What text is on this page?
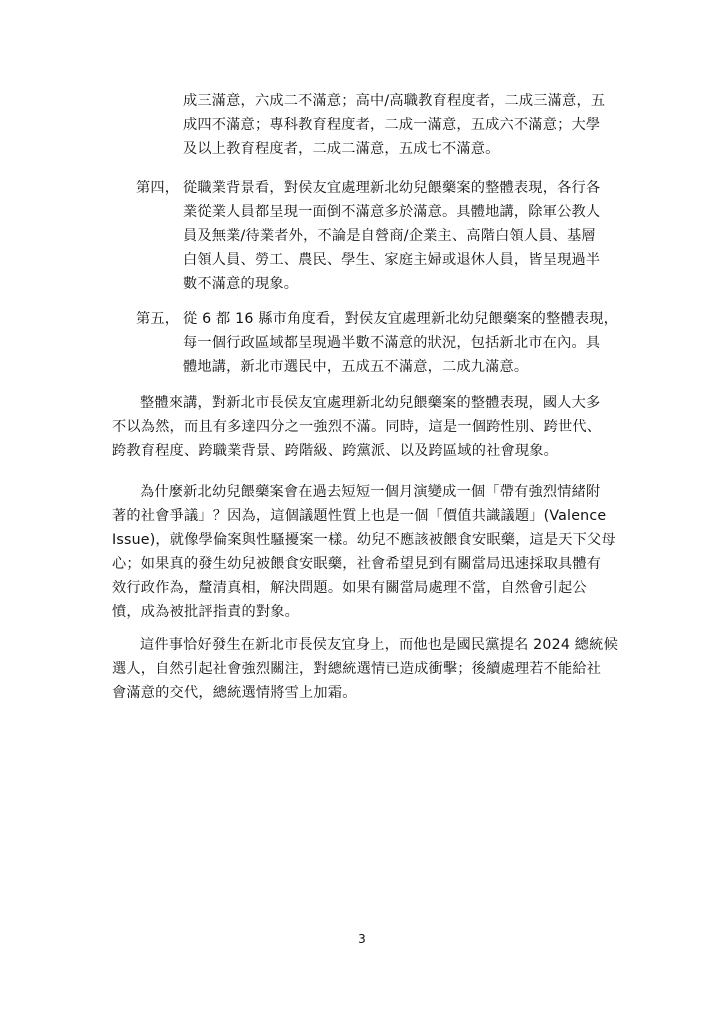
成三滿意，六成二不滿意；高中/高職教育程度者，二成三滿意，五
成四不滿意；專科教育程度者，二成一滿意，五成六不滿意；大學
及以上教育程度者，二成二滿意，五成七不滿意。
第四， 從職業背景看，對侯友宜處理新北幼兒餵藥案的整體表現，各行各
業從業人員都呈現一面倒不滿意多於滿意。具體地講，除軍公教人
員及無業/待業者外，不論是自營商/企業主、高階白領人員、基層
白領人員、勞工、農民、學生、家庭主婦或退休人員，皆呈現過半
數不滿意的現象。
第五， 從 6 都 16 縣市角度看，對侯友宜處理新北幼兒餵藥案的整體表現，
每一個行政區域都呈現過半數不滿意的狀況，包括新北市在內。具
體地講，新北市選民中，五成五不滿意，二成九滿意。
整體來講，對新北市長侯友宜處理新北幼兒餵藥案的整體表現，國人大多
不以為然，而且有多達四分之一強烈不滿。同時，這是一個跨性別、跨世代、
跨教育程度、跨職業背景、跨階級、跨黨派、以及跨區域的社會現象。
為什麼新北幼兒餵藥案會在過去短短一個月演變成一個「帶有強烈情緒附
著的社會爭議」？因為，這個議題性質上也是一個「價值共識議題」(Valence
Issue)，就像學倫案與性騷擾案一樣。幼兒不應該被餵食安眠藥，這是天下父母
心；如果真的發生幼兒被餵食安眠藥，社會希望見到有關當局迅速採取具體有
效行政作為，釐清真相，解決問題。如果有關當局處理不當，自然會引起公
憤，成為被批評指責的對象。
這件事恰好發生在新北市長侯友宜身上，而他也是國民黨提名 2024 總統候
選人，自然引起社會強烈關注，對總統選情已造成衝擊；後續處理若不能給社
會滿意的交代，總統選情將雪上加霜。
3
